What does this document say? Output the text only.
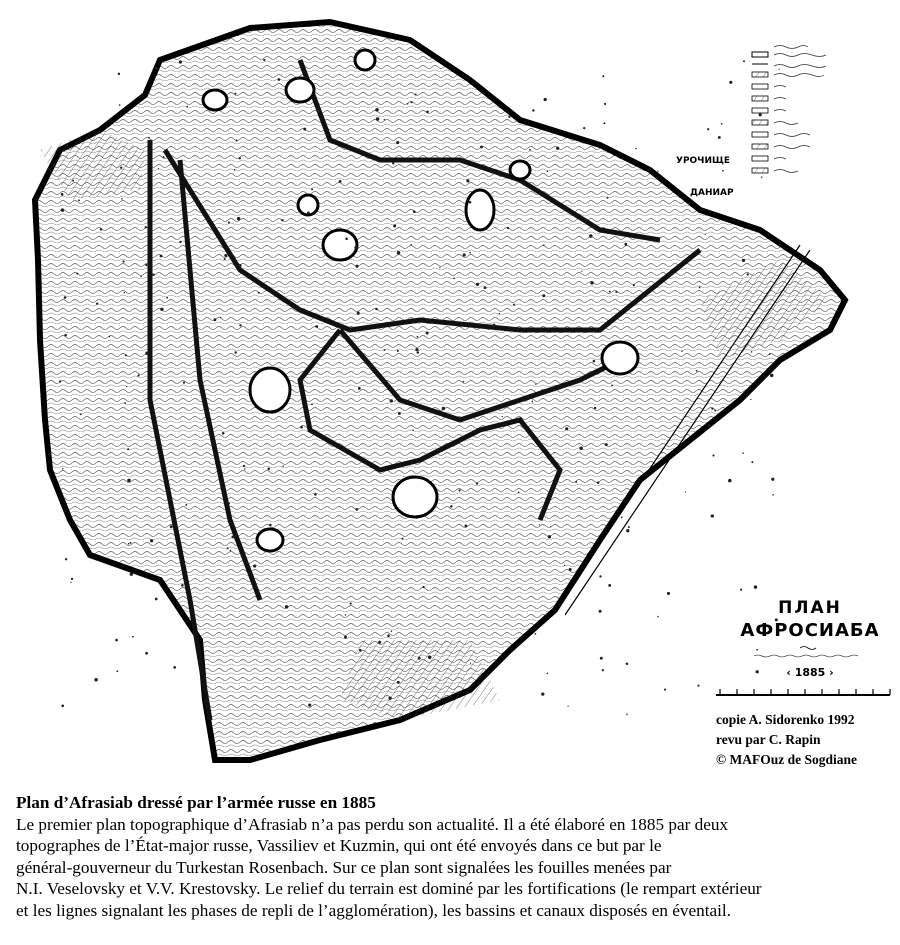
УРОЧИЩЕ
ДАНИАР
ПЛАН
АФРОСИАБА
‹ 1885 ›
copie A. Sidorenko 1992
revu par C. Rapin
© MAFOuz de Sogdiane
Plan d’Afrasiab dressé par l’armée russe en 1885
Le premier plan topographique d’Afrasiab n’a pas perdu son actualité. Il a été élaboré en 1885 par deux
topographes de l’État-major russe, Vassiliev et Kuzmin, qui ont été envoyés dans ce but par le
général-gouverneur du Turkestan Rosenbach. Sur ce plan sont signalées les fouilles menées par
N.I. Veselovsky et V.V. Krestovsky. Le relief du terrain est dominé par les fortifications (le rempart extérieur
et les lignes signalant les phases de repli de l’agglomération), les bassins et canaux disposés en éventail.
